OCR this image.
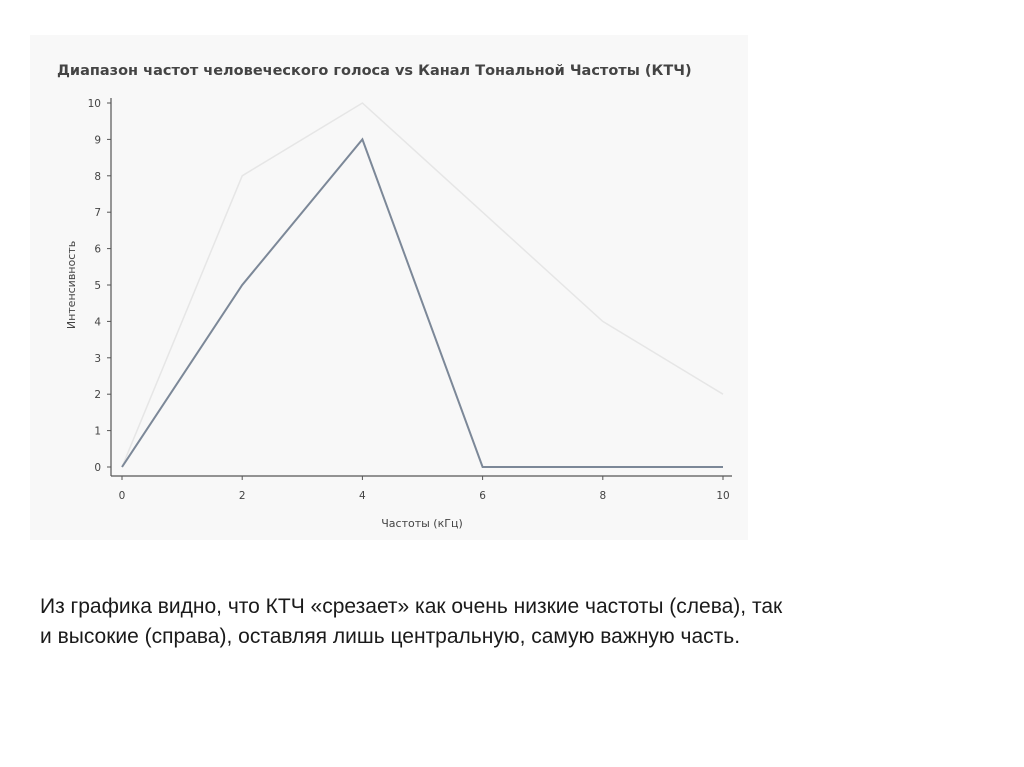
Диапазон частот человеческого голоса vs Канал Тональной Частоты (КТЧ)
0
1
2
3
4
5
6
7
8
9
10
0	2	4	6	8	10
Частоты (кГц)
Интенсивность
Из графика видно, что КТЧ «срезает» как очень низкие частоты (слева), так
и высокие (справа), оставляя лишь центральную, самую важную часть.
